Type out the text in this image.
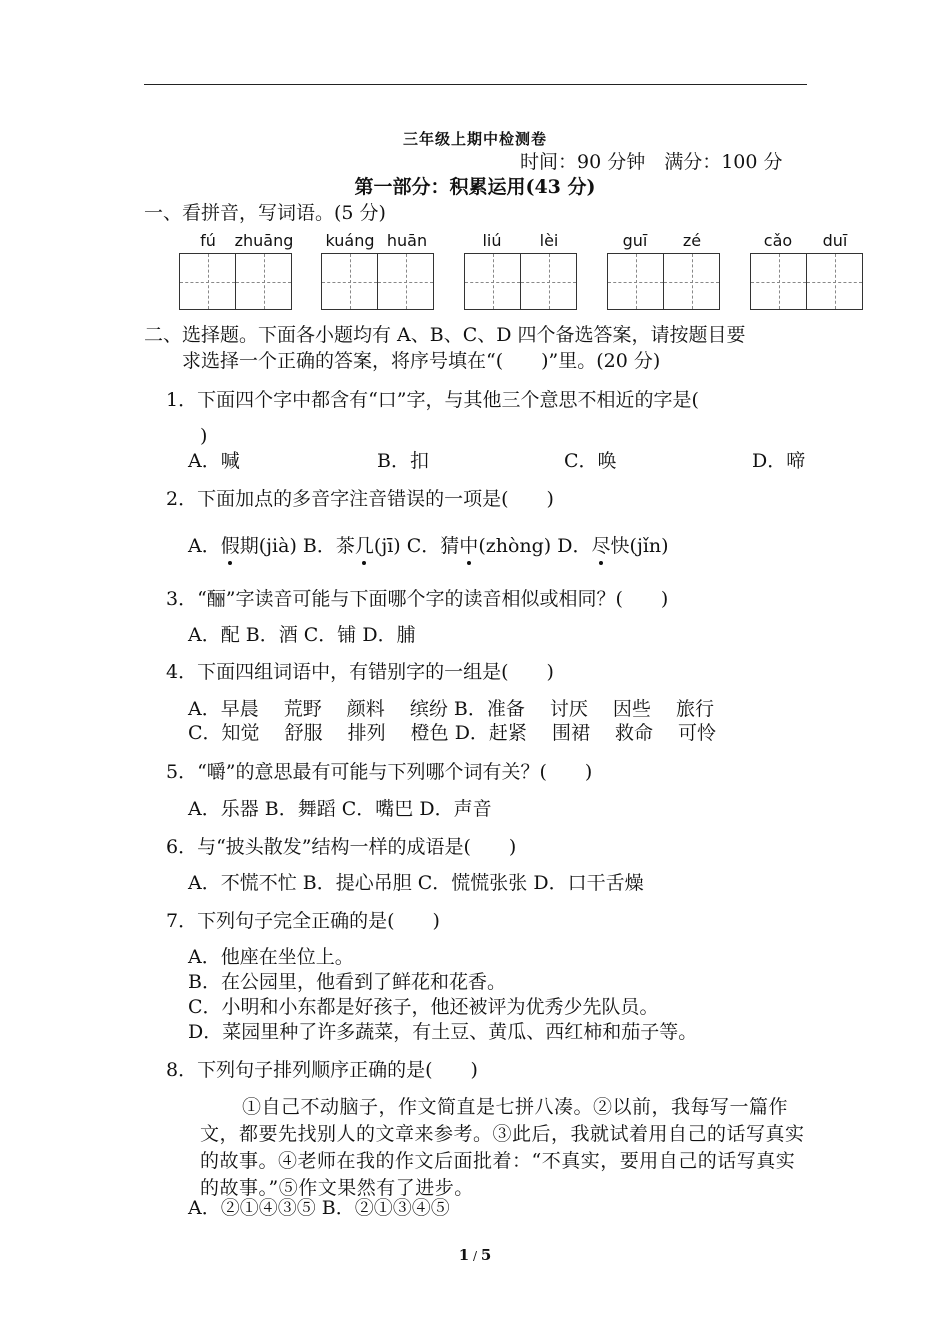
三年级上期中检测卷
时间：90 分钟　满分：100 分
第一部分：积累运用(43 分)
一、看拼音，写词语。(5 分)
fú	zhuāng	kuáng huān	liú	lèi	guī	zé	cǎo	duī
二、选择题。下面各小题均有 A、B、C、D 四个备选答案，请按题目要
求选择一个正确的答案，将序号填在“(　　)”里。(20 分)
1．下面四个字中都含有“口”字，与其他三个意思不相近的字是(
)
A．喊	B．扣	C．唤	D．啼
2．下面加点的多音字注音错误的一项是(　　)
A．假期(jià) B．茶几(jī) C．猜中(zhòng) D．尽快(jǐn)
3．“酾”字读音可能与下面哪个字的读音相似或相同？(　　)
A．配 B．酒 C．铺 D．脯
4．下面四组词语中，有错别字的一组是(　　)
A．早晨　 荒野　 颜料　 缤纷 B．准备　 讨厌　 因些　 旅行
C．知觉　 舒服　 排列　 橙色 D．赶紧　 围裙　 救命　 可怜
5．“嚼”的意思最有可能与下列哪个词有关？(　　)
A．乐器 B．舞蹈 C．嘴巴 D．声音
6．与“披头散发”结构一样的成语是(　　)
A．不慌不忙 B．提心吊胆 C．慌慌张张 D．口干舌燥
7．下列句子完全正确的是(　　)
A．他座在坐位上。
B．在公园里，他看到了鲜花和花香。
C．小明和小东都是好孩子，他还被评为优秀少先队员。
D．菜园里种了许多蔬菜，有土豆、黄瓜、西红柿和茄子等。
8．下列句子排列顺序正确的是(　　)
①自己不动脑子，作文简直是七拼八凑。②以前，我每写一篇作文，都要先找别人的文章来参考。③此后，我就试着用自己的话写真实的故事。④老师在我的作文后面批着：“不真实，要用自己的话写真实的故事。”⑤作文果然有了进步。
A．②①④③⑤ B．②①③④⑤
1 / 5
